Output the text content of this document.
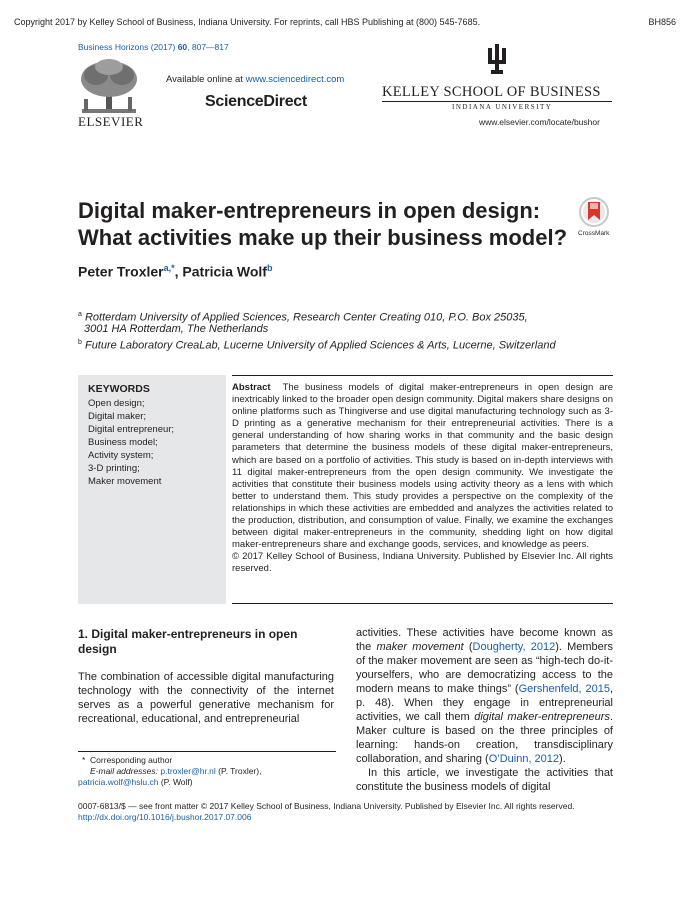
Copyright 2017 by Kelley School of Business, Indiana University. For reprints, call HBS Publishing at (800) 545-7685.	BH856
Business Horizons (2017) 60, 807—817
ELSEVIER
Available online at www.sciencedirect.com
ScienceDirect
KELLEY SCHOOL OF BUSINESS
INDIANA UNIVERSITY
www.elsevier.com/locate/bushor
Digital maker-entrepreneurs in open design:
What activities make up their business model?	CrossMark
Peter Troxler$^{a,*}$, Patricia Wolf$^b$
$^a$ Rotterdam University of Applied Sciences, Research Center Creating 010, P.O. Box 25035,
3001 HA Rotterdam, The Netherlands
$^b$ Future Laboratory CreaLab, Lucerne University of Applied Sciences & Arts, Lucerne, Switzerland
KEYWORDS
Open design;
Digital maker;
Digital entrepreneur;
Business model;
Activity system;
3-D printing;
Maker movement
Abstract The business models of digital maker-entrepreneurs in open design are inextricably linked to the broader open design community. Digital makers share designs on online platforms such as Thingiverse and use digital manufacturing technology such as 3-D printing as a generative mechanism for their entrepreneurial activities. There is a general understanding of how sharing works in that community and the basic design parameters that determine the business models of these digital maker-entrepreneurs, which are based on a portfolio of activities. This study is based on in-depth interviews with 11 digital maker-entrepreneurs from the open design community. We investigate the activities that constitute their business models using activity theory as a lens with which better to understand them. This study provides a perspective on the complexity of the relationships in which these activities are embedded and analyzes the activities related to the production, distribution, and consumption of value. Finally, we examine the exchanges between digital maker-entrepreneurs in the community, shedding light on how digital maker-entrepreneurs share and exchange goods, services, and knowledge as peers.
© 2017 Kelley School of Business, Indiana University. Published by Elsevier Inc. All rights reserved.
1. Digital maker-entrepreneurs in open design
The combination of accessible digital manufacturing technology with the connectivity of the internet serves as a powerful generative mechanism for recreational, educational, and entrepreneurial
activities. These activities have become known as the maker movement (Dougherty, 2012). Members of the maker movement are seen as “high-tech do-it-yourselfers, who are democratizing access to the modern means to make things” (Gershenfeld, 2015, p. 48). When they engage in entrepreneurial activities, we call them digital maker-entrepreneurs. Maker culture is based on the three principles of learning: hands-on creation, transdisciplinary collaboration, and sharing (O’Duinn, 2012).
In this article, we investigate the activities that constitute the business models of digital
* Corresponding author
E-mail addresses: p.troxler@hr.nl (P. Troxler),
patricia.wolf@hslu.ch (P. Wolf)
0007-6813/$ — see front matter © 2017 Kelley School of Business, Indiana University. Published by Elsevier Inc. All rights reserved.
http://dx.doi.org/10.1016/j.bushor.2017.07.006
